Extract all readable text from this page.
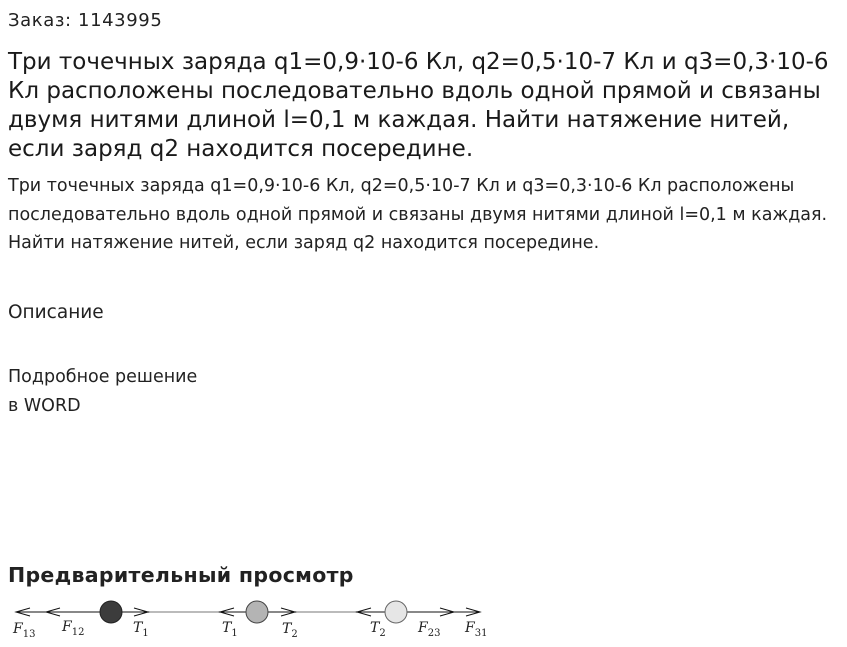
Заказ: 1143995
Три точечных заряда q1=0,9·10-6 Кл, q2=0,5·10-7 Кл и q3=0,3·10-6 Кл расположены последовательно вдоль одной прямой и связаны двумя нитями длиной l=0,1 м каждая. Найти натяжение нитей, если заряд q2 находится посередине.

Три точечных заряда q1=0,9·10-6 Кл, q2=0,5·10-7 Кл и q3=0,3·10-6 Кл расположены последовательно вдоль одной прямой и связаны двумя нитями длиной l=0,1 м каждая. Найти натяжение нитей, если заряд q2 находится посередине.

Описание
Подробное решение
в WORD
Предварительный просмотр
$F_{13}$ $F_{12}$	$T_1$	$T_1$	$T_2$	$T_2$ $F_{23}$ $F_{31}$
